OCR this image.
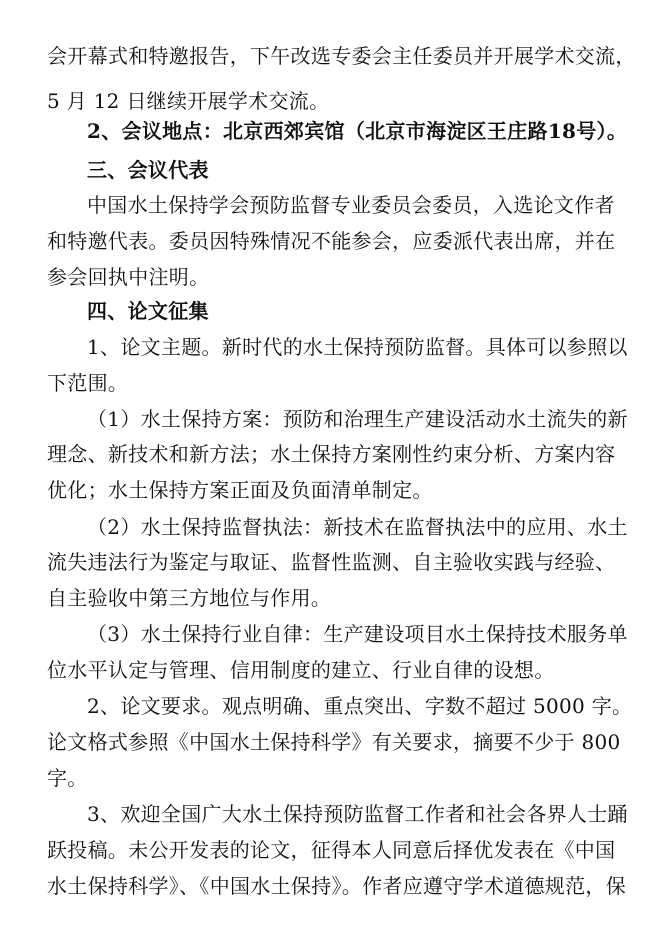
会开幕式和特邀报告，下午改选专委会主任委员并开展学术交流，
5 月 12 日继续开展学术交流。
2、会议地点：北京西郊宾馆（北京市海淀区王庄路18号）。
三、会议代表
中国水土保持学会预防监督专业委员会委员，入选论文作者
和特邀代表。委员因特殊情况不能参会，应委派代表出席，并在
参会回执中注明。
四、论文征集
1、论文主题。新时代的水土保持预防监督。具体可以参照以
下范围。
（1）水土保持方案：预防和治理生产建设活动水土流失的新
理念、新技术和新方法；水土保持方案刚性约束分析、方案内容
优化；水土保持方案正面及负面清单制定。
（2）水土保持监督执法：新技术在监督执法中的应用、水土
流失违法行为鉴定与取证、监督性监测、自主验收实践与经验、
自主验收中第三方地位与作用。
（3）水土保持行业自律：生产建设项目水土保持技术服务单
位水平认定与管理、信用制度的建立、行业自律的设想。
2、论文要求。观点明确、重点突出、字数不超过 5000 字。
论文格式参照《中国水土保持科学》有关要求，摘要不少于 800
字。
3、欢迎全国广大水土保持预防监督工作者和社会各界人士踊
跃投稿。未公开发表的论文，征得本人同意后择优发表在《中国
水土保持科学》、《中国水土保持》。作者应遵守学术道德规范，保
